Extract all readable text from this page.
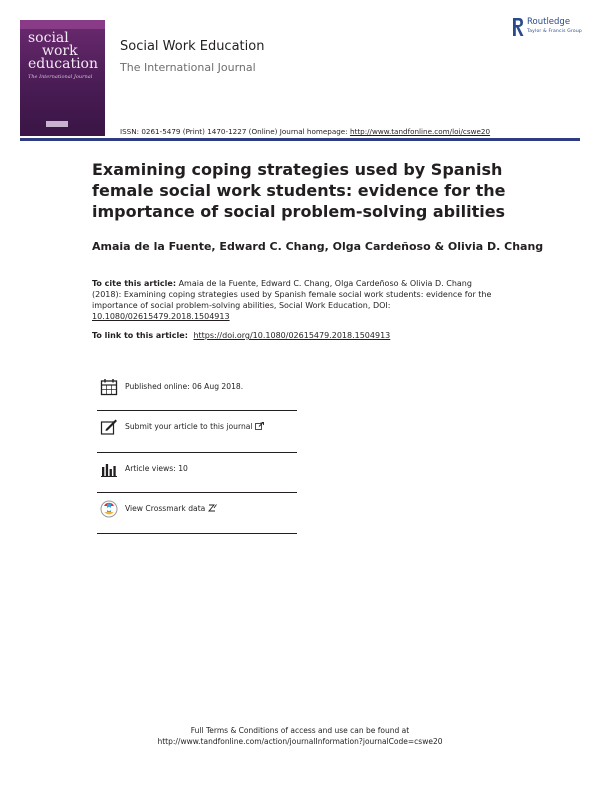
social
work
education
The International Journal
Social Work Education
The International Journal
Routledge
Taylor & Francis Group
ISSN: 0261-5479 (Print) 1470-1227 (Online) Journal homepage: http://www.tandfonline.com/loi/cswe20
Examining coping strategies used by Spanish female social work students: evidence for the importance of social problem-solving abilities
Amaia de la Fuente, Edward C. Chang, Olga Cardeñoso & Olivia D. Chang
To cite this article: Amaia de la Fuente, Edward C. Chang, Olga Cardeñoso & Olivia D. Chang (2018): Examining coping strategies used by Spanish female social work students: evidence for the importance of social problem-solving abilities, Social Work Education, DOI: 10.1080/02615479.2018.1504913
To link to this article: https://doi.org/10.1080/02615479.2018.1504913
Published online: 06 Aug 2018.
Submit your article to this journal
Article views: 10
View Crossmark data
Full Terms & Conditions of access and use can be found at
http://www.tandfonline.com/action/journalInformation?journalCode=cswe20
